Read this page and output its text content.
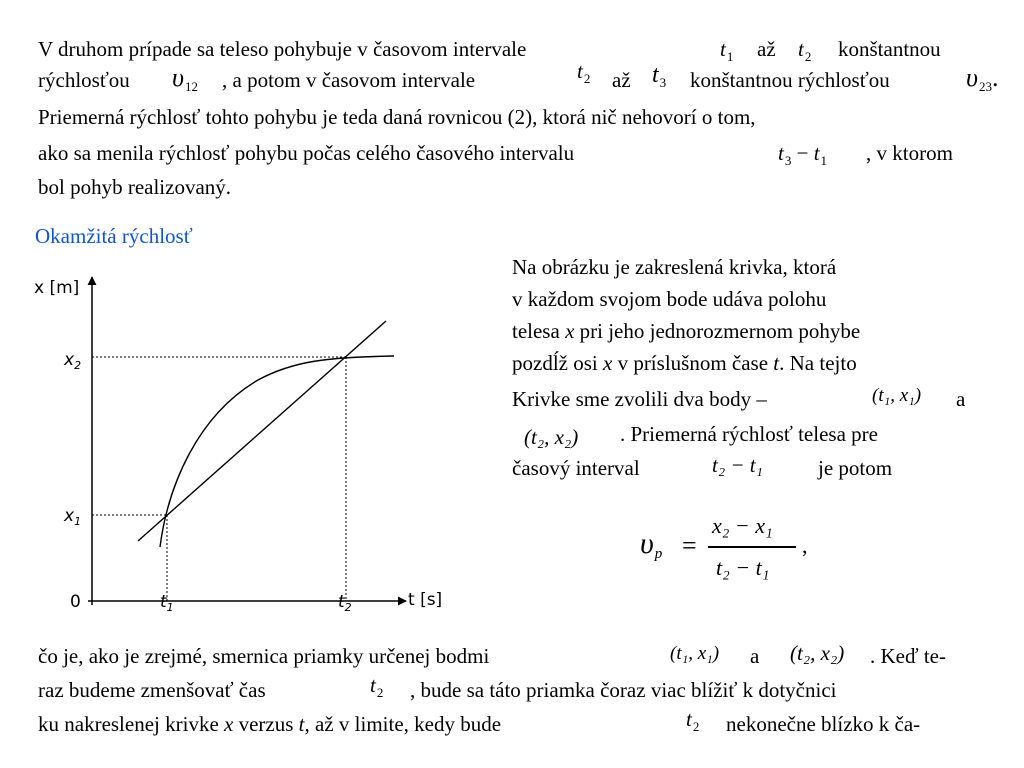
V druhom prípade sa teleso pohybuje v časovom intervale	$t_1$ až $t_2$ konštantnou
rýchlosťou $\upsilon_{12}$ , a potom v časovom intervale	$t_2$ až $t_3$ konštantnou rýchlosťou	$\upsilon_{23}$.
Priemerná rýchlosť tohto pohybu je teda daná rovnicou (2), ktorá nič nehovorí o tom,
ako sa menila rýchlosť pohybu počas celého časového intervalu	$t_3 - t_1$ , v ktorom
bol pohyb realizovaný.
Okamžitá rýchlosť
x [m]
t [s]
0
$x_2$
$x_1$
$t_1$	$t_2$
Na obrázku je zakreslená krivka, ktorá
v každom svojom bode udáva polohu
telesa x pri jeho jednorozmernom pohybe
pozdĺž osi x v príslušnom čase t. Na tejto
Krivke sme zvolili dva body –	(t₁, x₁) a
(t₂, x₂) . Priemerná rýchlosť telesa pre
časový interval	t₂ − t₁	je potom
$\upsilon_p$ =
x₂ − x₁
t₂ − t₁
,
čo je, ako je zrejmé, smernica priamky určenej bodmi	(t₁, x₁) a (t₂, x₂) . Keď te-
raz budeme zmenšovať čas	$t_2$ , bude sa táto priamka čoraz viac blížiť k dotyčnici
ku nakreslenej krivke x verzus t, až v limite, kedy bude	$t_2$ nekonečne blízko k ča-
